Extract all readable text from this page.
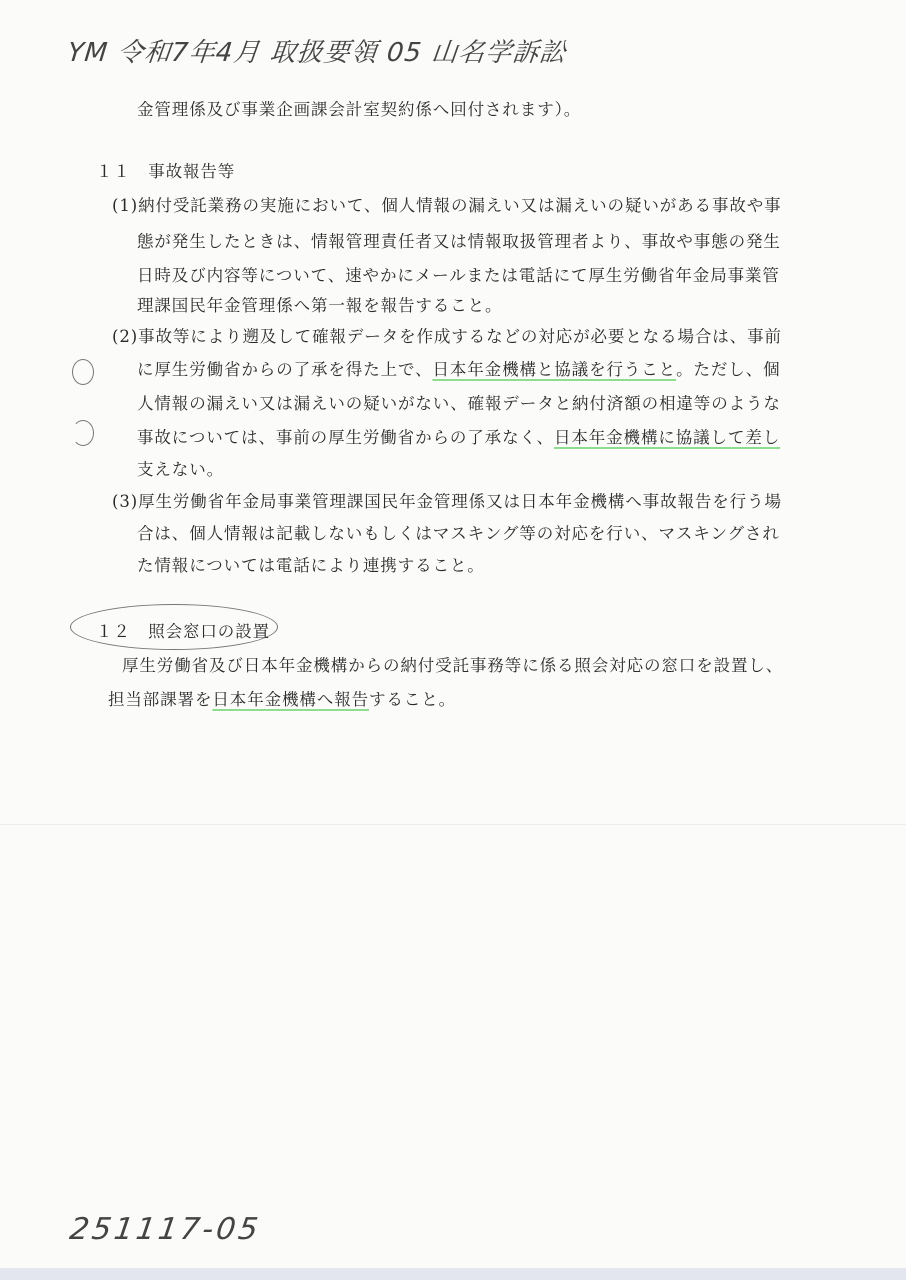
YM 令和7年4月 取扱要領 05 山名学訴訟
金管理係及び事業企画課会計室契約係へ回付されます）。
１１　事故報告等
(1)納付受託業務の実施において、個人情報の漏えい又は漏えいの疑いがある事故や事
態が発生したときは、情報管理責任者又は情報取扱管理者より、事故や事態の発生
日時及び内容等について、速やかにメールまたは電話にて厚生労働省年金局事業管
理課国民年金管理係へ第一報を報告すること。
(2)事故等により遡及して確報データを作成するなどの対応が必要となる場合は、事前
に厚生労働省からの了承を得た上で、日本年金機構と協議を行うこと。ただし、個
人情報の漏えい又は漏えいの疑いがない、確報データと納付済額の相違等のような
事故については、事前の厚生労働省からの了承なく、日本年金機構に協議して差し
支えない。
(3)厚生労働省年金局事業管理課国民年金管理係又は日本年金機構へ事故報告を行う場
合は、個人情報は記載しないもしくはマスキング等の対応を行い、マスキングされ
た情報については電話により連携すること。
１２　照会窓口の設置
厚生労働省及び日本年金機構からの納付受託事務等に係る照会対応の窓口を設置し、
担当部課署を日本年金機構へ報告すること。
251117-05
